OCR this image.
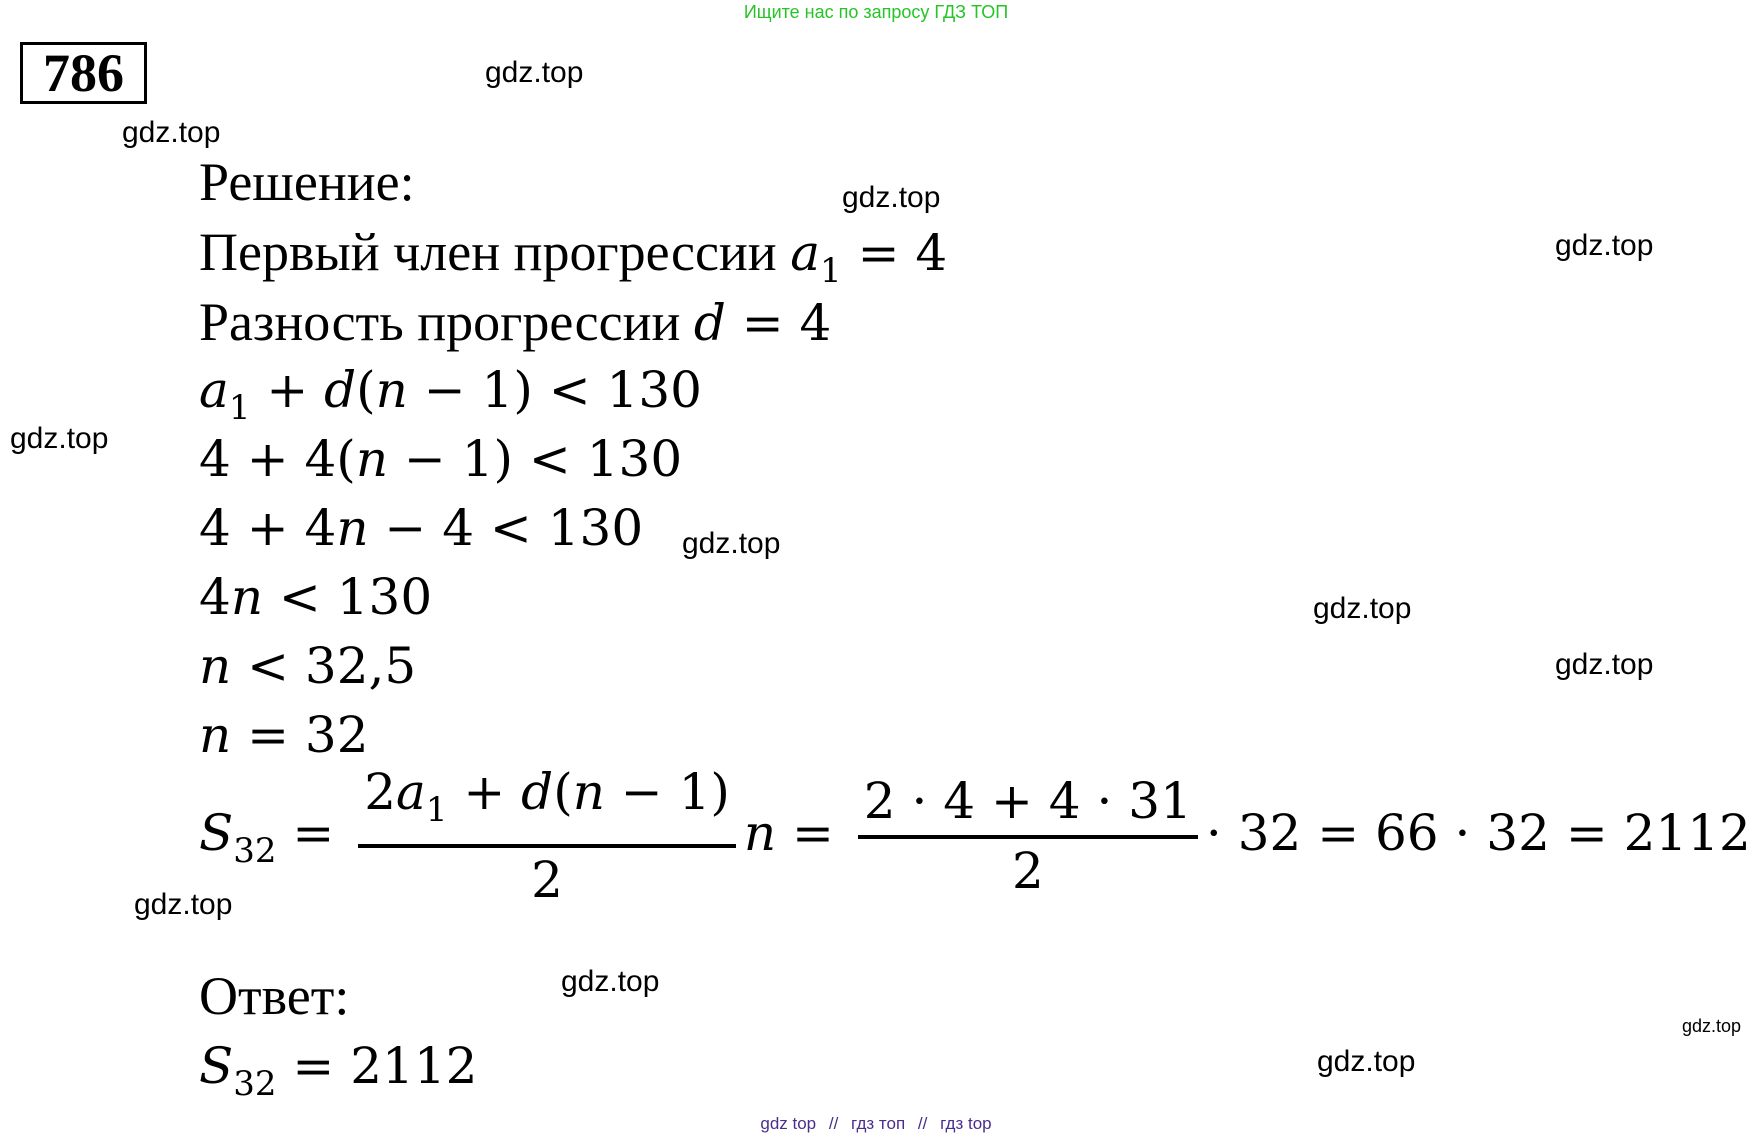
Ищите нас по запросу ГДЗ ТОП
786	gdz.top
gdz.top
gdz.top
gdz.top
gdz.top
gdz.top
gdz.top
gdz.top
gdz.top
gdz.top
gdz.top
gdz.top
Решение:
Первый член прогрессии $a_1 = 4$
Разность прогрессии d = 4
$a_1 + d(n - 1) < 130$
4 + 4(n − 1) < 130
4 + 4n − 4 < 130
4n < 130
n < 32,5
n = 32
$S_{32} = \frac{2a_1 + d(n - 1)}{2}$ $n = \frac{2 \cdot 4 + 4 \cdot 31}{2} \cdot 32 = 66 \cdot 32 = 2112$
Ответ:
$S_{32} = 2112$
gdz top // гдз топ // гдз top
